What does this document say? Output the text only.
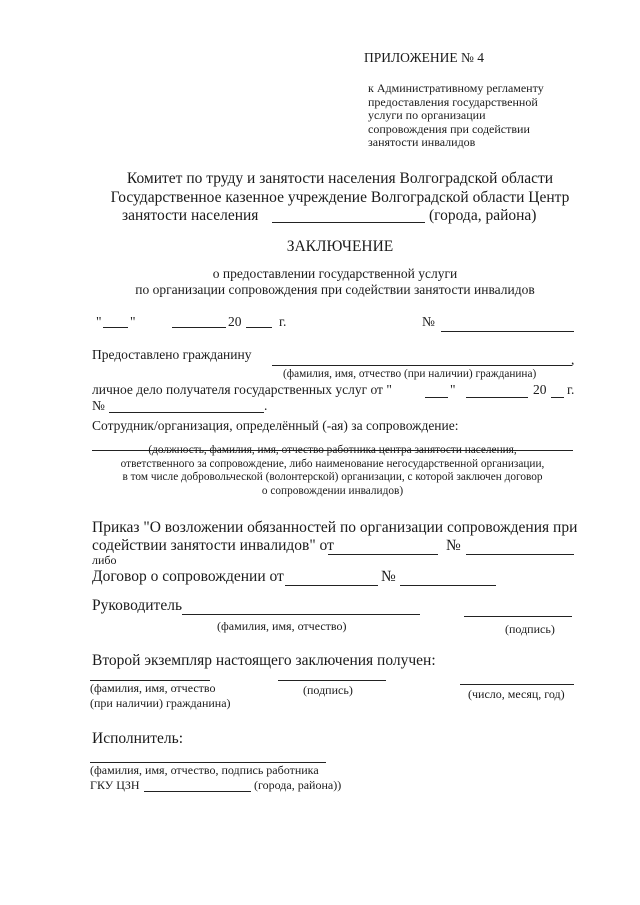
ПРИЛОЖЕНИЕ № 4
к Административному регламенту
предоставления государственной
услуги по организации
сопровождения при содействии
занятости инвалидов
Комитет по труду и занятости населения Волгоградской области
Государственное казенное учреждение Волгоградской области Центр
занятости населения	(города, района)
ЗАКЛЮЧЕНИЕ
о предоставлении государственной услуги
по организации сопровождения при содействии занятости инвалидов
" "	20	г.	№
Предоставлено гражданину	,
(фамилия, имя, отчество (при наличии) гражданина)
личное дело получателя государственных услуг от "	"	20 г.
№	.
Сотрудник/организация, определённый (-ая) за сопровождение:
(должность, фамилия, имя, отчество работника центра занятости населения,
ответственного за сопровождение, либо наименование негосударственной организации,
в том числе добровольческой (волонтерской) организации, с которой заключен договор
о сопровождении инвалидов)
Приказ "О возложении обязанностей по организации сопровождения при
содействии занятости инвалидов" от	№
либо
Договор о сопровождении от	№
Руководитель
(фамилия, имя, отчество)	(подпись)
Второй экземпляр настоящего заключения получен:
(фамилия, имя, отчество
(при наличии) гражданина)
(подпись)	(число, месяц, год)
Исполнитель:
(фамилия, имя, отчество, подпись работника
ГКУ ЦЗН	(города, района))
